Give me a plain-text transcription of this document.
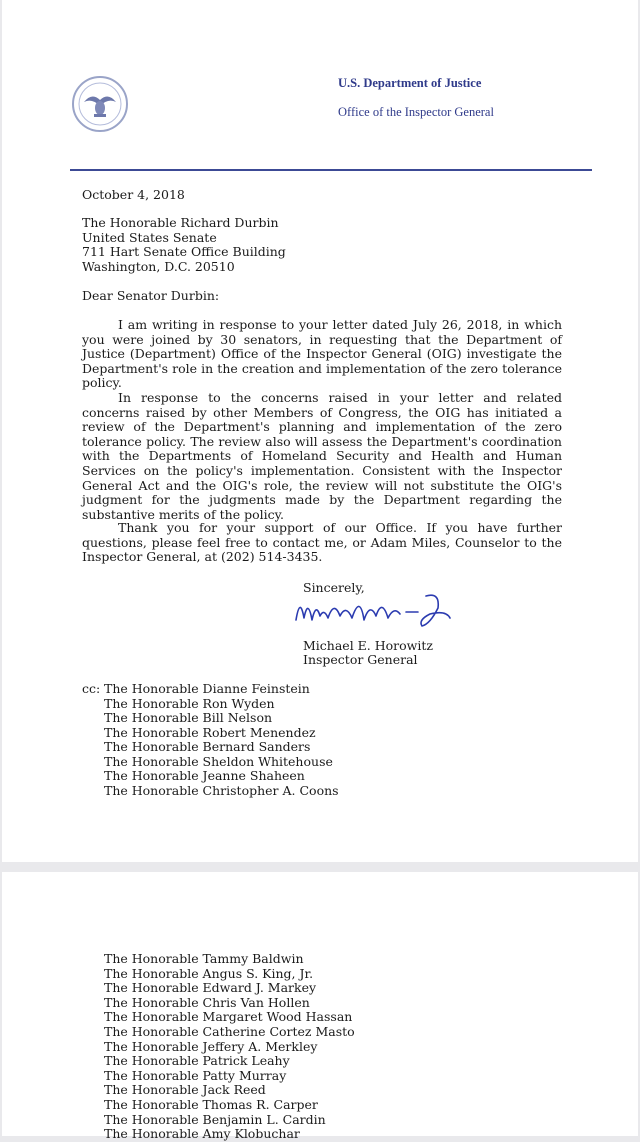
U.S. Department of Justice
Office of the Inspector General
October 4, 2018
The Honorable Richard Durbin
United States Senate
711 Hart Senate Office Building
Washington, D.C. 20510
Dear Senator Durbin:

I am writing in response to your letter dated July 26, 2018, in which you were joined by 30 senators, in requesting that the Department of Justice (Department) Office of the Inspector General (OIG) investigate the Department's role in the creation and implementation of the zero tolerance policy.

In response to the concerns raised in your letter and related concerns raised by other Members of Congress, the OIG has initiated a review of the Department's planning and implementation of the zero tolerance policy. The review also will assess the Department's coordination with the Departments of Homeland Security and Health and Human Services on the policy's implementation. Consistent with the Inspector General Act and the OIG's role, the review will not substitute the OIG's judgment for the judgments made by the Department regarding the substantive merits of the policy.

Thank you for your support of our Office. If you have further questions, please feel free to contact me, or Adam Miles, Counselor to the Inspector General, at (202) 514-3435.

Sincerely,
Michael E. Horowitz
Inspector General
cc: The Honorable Dianne Feinstein
The Honorable Ron Wyden
The Honorable Bill Nelson
The Honorable Robert Menendez
The Honorable Bernard Sanders
The Honorable Sheldon Whitehouse
The Honorable Jeanne Shaheen
The Honorable Christopher A. Coons
The Honorable Tammy Baldwin
The Honorable Angus S. King, Jr.
The Honorable Edward J. Markey
The Honorable Chris Van Hollen
The Honorable Margaret Wood Hassan
The Honorable Catherine Cortez Masto
The Honorable Jeffery A. Merkley
The Honorable Patrick Leahy
The Honorable Patty Murray
The Honorable Jack Reed
The Honorable Thomas R. Carper
The Honorable Benjamin L. Cardin
The Honorable Amy Klobuchar
